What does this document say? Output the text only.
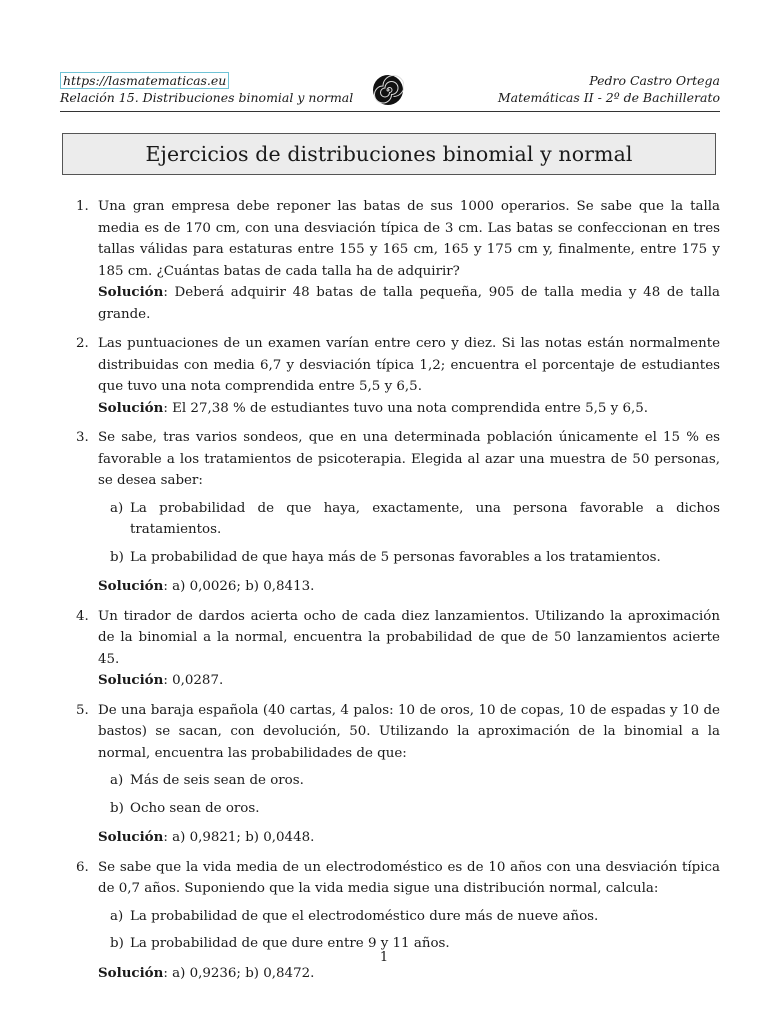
https://lasmatematicas.eu
Relación 15. Distribuciones binomial y normal
Pedro Castro Ortega
Matemáticas II - 2º de Bachillerato
Ejercicios de distribuciones binomial y normal
1. Una gran empresa debe reponer las batas de sus 1000 operarios. Se sabe que la talla media es de 170 cm, con una desviación típica de 3 cm. Las batas se confeccionan en tres tallas válidas para estaturas entre 155 y 165 cm, 165 y 175 cm y, finalmente, entre 175 y 185 cm. ¿Cuántas batas de cada talla ha de adquirir?
Solución: Deberá adquirir 48 batas de talla pequeña, 905 de talla media y 48 de talla grande.
2. Las puntuaciones de un examen varían entre cero y diez. Si las notas están normalmente distribuidas con media 6,7 y desviación típica 1,2; encuentra el porcentaje de estudiantes que tuvo una nota comprendida entre 5,5 y 6,5.
Solución: El 27,38 % de estudiantes tuvo una nota comprendida entre 5,5 y 6,5.
3. Se sabe, tras varios sondeos, que en una determinada población únicamente el 15 % es favorable a los tratamientos de psicoterapia. Elegida al azar una muestra de 50 personas, se desea saber:
a) La probabilidad de que haya, exactamente, una persona favorable a dichos tratamientos.
b) La probabilidad de que haya más de 5 personas favorables a los tratamientos.
Solución: a) 0,0026; b) 0,8413.
4. Un tirador de dardos acierta ocho de cada diez lanzamientos. Utilizando la aproximación de la binomial a la normal, encuentra la probabilidad de que de 50 lanzamientos acierte 45.
Solución: 0,0287.
5. De una baraja española (40 cartas, 4 palos: 10 de oros, 10 de copas, 10 de espadas y 10 de bastos) se sacan, con devolución, 50. Utilizando la aproximación de la binomial a la normal, encuentra las probabilidades de que:
a) Más de seis sean de oros.
b) Ocho sean de oros.
Solución: a) 0,9821; b) 0,0448.
6. Se sabe que la vida media de un electrodoméstico es de 10 años con una desviación típica de 0,7 años. Suponiendo que la vida media sigue una distribución normal, calcula:
a) La probabilidad de que el electrodoméstico dure más de nueve años.
b) La probabilidad de que dure entre 9 y 11 años.
Solución: a) 0,9236; b) 0,8472.
1
